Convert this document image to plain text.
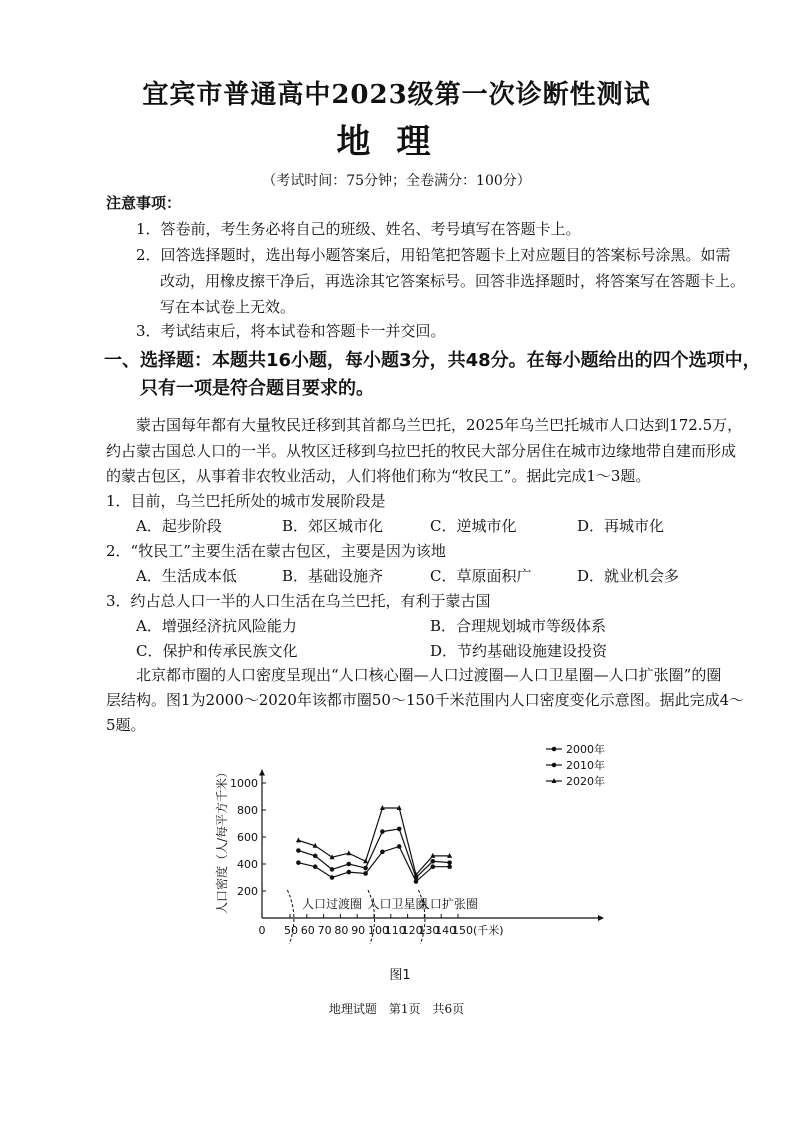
宜宾市普通高中2023级第一次诊断性测试
地理
（考试时间：75分钟；全卷满分：100分）
注意事项：
1．答卷前，考生务必将自己的班级、姓名、考号填写在答题卡上。
2．回答选择题时，选出每小题答案后，用铅笔把答题卡上对应题目的答案标号涂黑。如需
改动，用橡皮擦干净后，再选涂其它答案标号。回答非选择题时，将答案写在答题卡上。
写在本试卷上无效。
3．考试结束后，将本试卷和答题卡一并交回。
一、选择题：本题共16小题，每小题3分，共48分。在每小题给出的四个选项中，
只有一项是符合题目要求的。
蒙古国每年都有大量牧民迁移到其首都乌兰巴托，2025年乌兰巴托城市人口达到172.5万，
约占蒙古国总人口的一半。从牧区迁移到乌拉巴托的牧民大部分居住在城市边缘地带自建而形成
的蒙古包区，从事着非农牧业活动，人们将他们称为“牧民工”。据此完成1～3题。
1．目前，乌兰巴托所处的城市发展阶段是
A．起步阶段	B．郊区城市化	C．逆城市化	D．再城市化
2．“牧民工”主要生活在蒙古包区，主要是因为该地
A．生活成本低	B．基础设施齐	C．草原面积广	D．就业机会多
3．约占总人口一半的人口生活在乌兰巴托，有利于蒙古国
A．增强经济抗风险能力	B．合理规划城市等级体系
C．保护和传承民族文化	D．节约基础设施建设投资
北京都市圈的人口密度呈现出“人口核心圈—人口过渡圈—人口卫星圈—人口扩张圈”的圈
层结构。图1为2000～2020年该都市圈50～150千米范围内人口密度变化示意图。据此完成4～
5题。
200
400
600
800
1000
0 50 60 70 80 90 100
110
120
130
140
150(千米)
人口密度（人/每平方千米）	人口过渡圈 人口卫星圈
人口扩张圈
2000年
2010年
2020年
图1
地理试题　第1页　共6页
